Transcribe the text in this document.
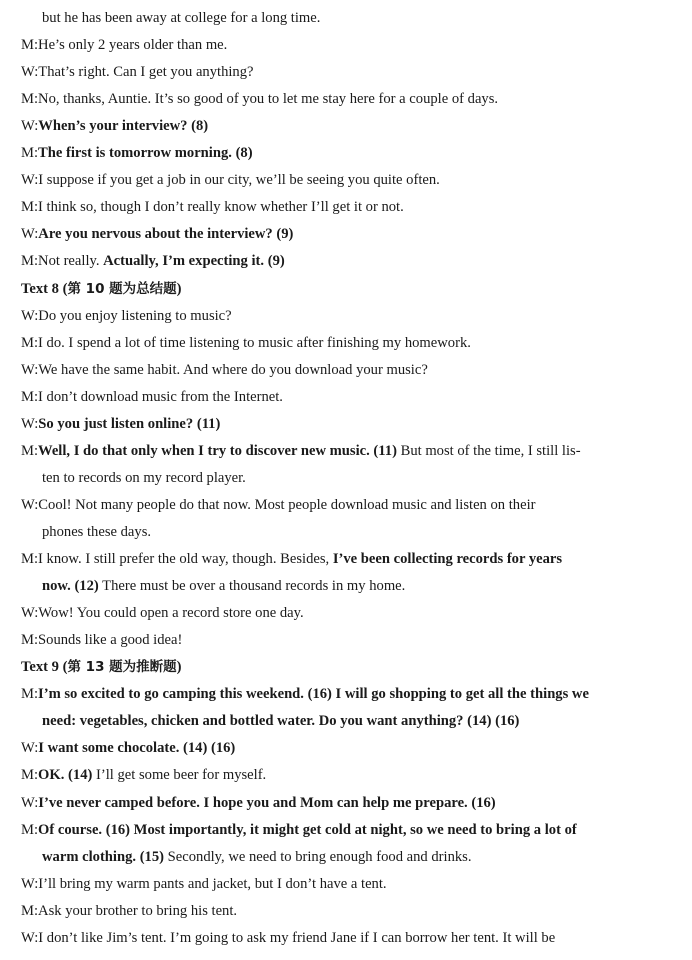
but he has been away at college for a long time.
M:He’s only 2 years older than me.
W:That’s right. Can I get you anything?
M:No, thanks, Auntie. It’s so good of you to let me stay here for a couple of days.
W:When’s your interview? (8)
M:The first is tomorrow morning. (8)
W:I suppose if you get a job in our city, we’ll be seeing you quite often.
M:I think so, though I don’t really know whether I’ll get it or not.
W:Are you nervous about the interview? (9)
M:Not really. Actually, I’m expecting it. (9)
Text 8 (第 10 题为总结题)
W:Do you enjoy listening to music?
M:I do. I spend a lot of time listening to music after finishing my homework.
W:We have the same habit. And where do you download your music?
M:I don’t download music from the Internet.
W:So you just listen online? (11)
M:Well, I do that only when I try to discover new music. (11) But most of the time, I still lis-
ten to records on my record player.
W:Cool! Not many people do that now. Most people download music and listen on their
phones these days.
M:I know. I still prefer the old way, though. Besides, I’ve been collecting records for years
now. (12) There must be over a thousand records in my home.
W:Wow! You could open a record store one day.
M:Sounds like a good idea!
Text 9 (第 13 题为推断题)
M:I’m so excited to go camping this weekend. (16) I will go shopping to get all the things we
need: vegetables, chicken and bottled water. Do you want anything? (14) (16)
W:I want some chocolate. (14) (16)
M:OK. (14) I’ll get some beer for myself.
W:I’ve never camped before. I hope you and Mom can help me prepare. (16)
M:Of course. (16) Most importantly, it might get cold at night, so we need to bring a lot of
warm clothing. (15) Secondly, we need to bring enough food and drinks.
W:I’ll bring my warm pants and jacket, but I don’t have a tent.
M:Ask your brother to bring his tent.
W:I don’t like Jim’s tent. I’m going to ask my friend Jane if I can borrow her tent. It will be
